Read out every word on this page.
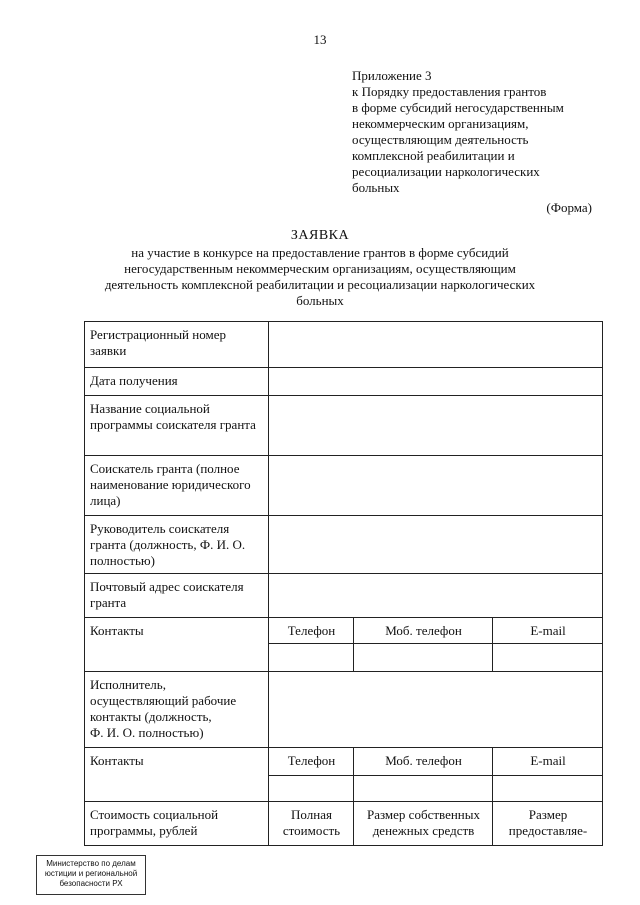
13
Приложение 3
к Порядку предоставления грантов
в форме субсидий негосударственным
некоммерческим организациям,
осуществляющим деятельность
комплексной реабилитации и
ресоциализации наркологических
больных
(Форма)
ЗАЯВКА
на участие в конкурсе на предоставление грантов в форме субсидий
негосударственным некоммерческим организациям, осуществляющим
деятельность комплексной реабилитации и ресоциализации наркологических
больных
Регистрационный номер заявки			
Дата получения			
Название социальной программы соискателя гранта			
Соискатель гранта (полное наименование юридического лица)			
Руководитель соискателя гранта (должность, Ф. И. О. полностью)			
Почтовый адрес соискателя гранта			
Контакты	Телефон	Моб. телефон	E-mail

Исполнитель,
осуществляющий рабочие
контакты (должность,
Ф. И. О. полностью)			

Контакты	Телефон	Моб. телефон	E-mail

Стоимость социальной программы, рублей	Полная стоимость	Размер собственных денежных средств	Размер предоставляе-
Министерство по делам
юстиции и региональной
безопасности РХ
